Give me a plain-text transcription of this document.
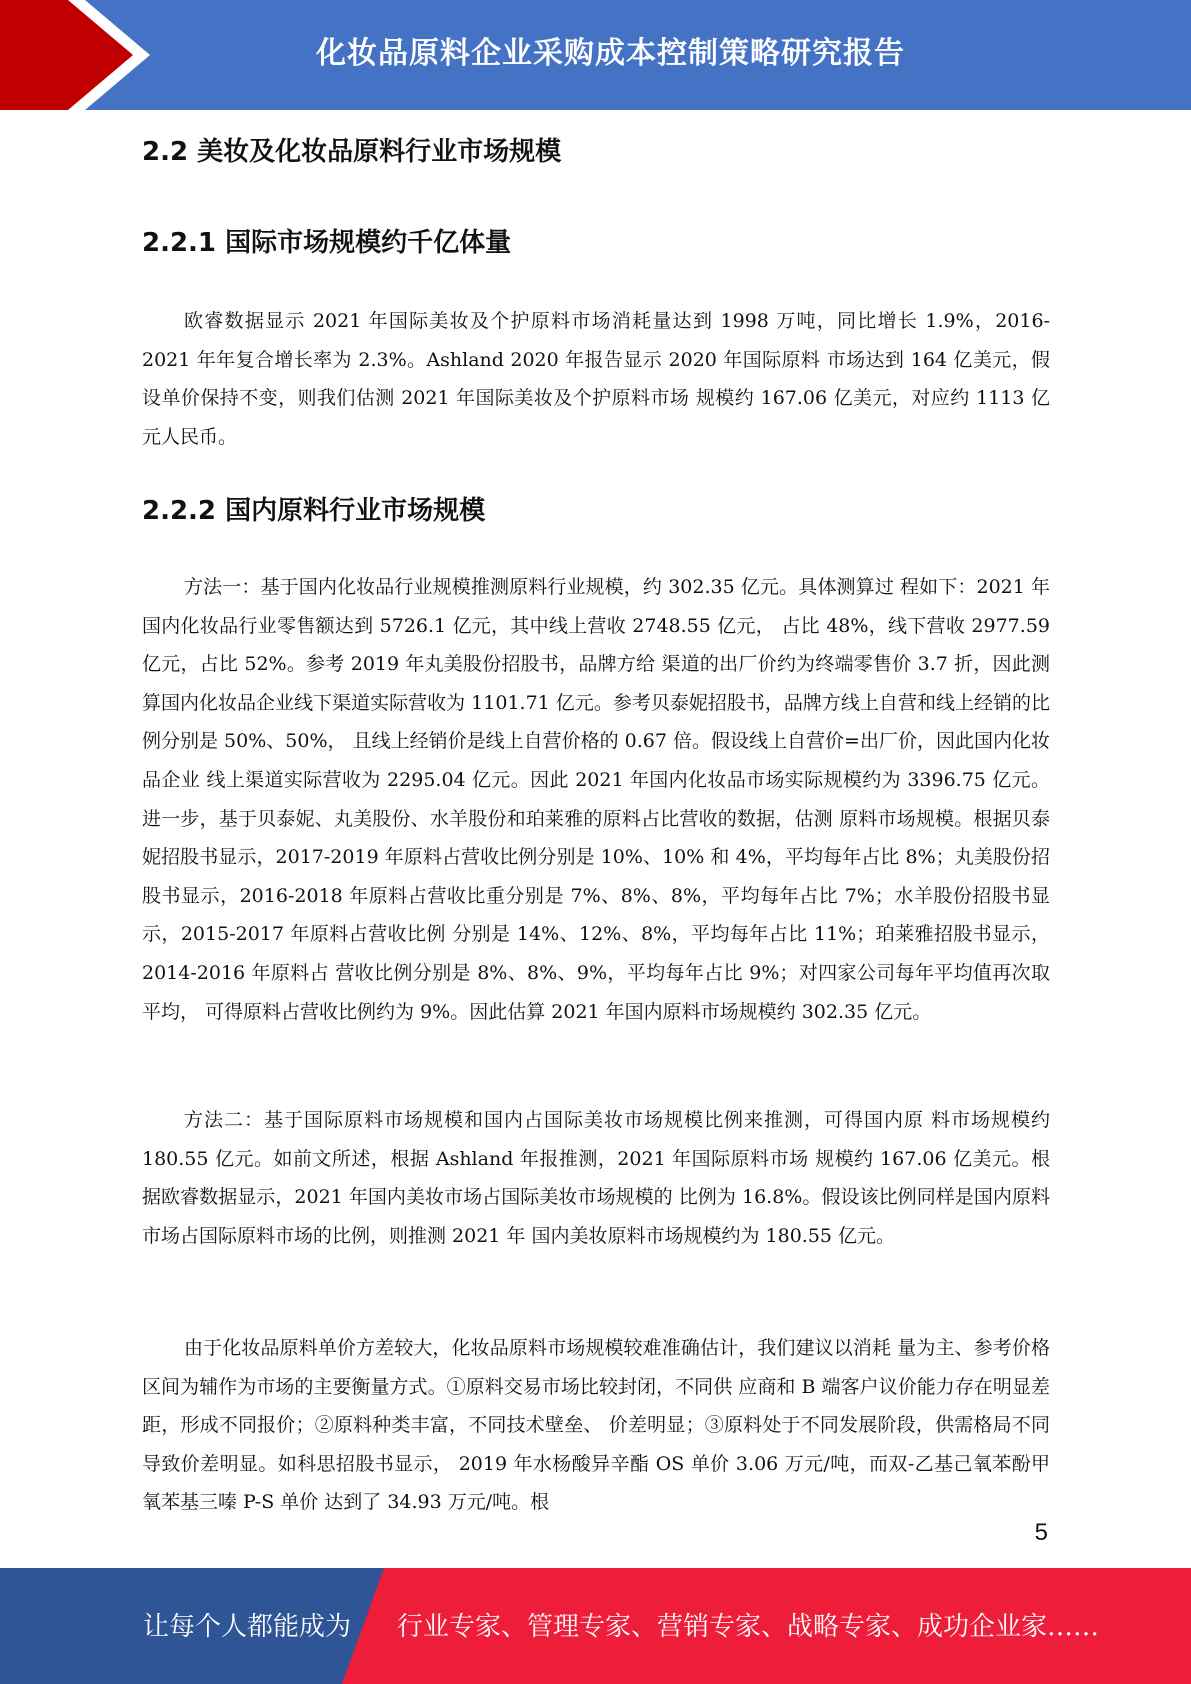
化妆品原料企业采购成本控制策略研究报告
2.2 美妆及化妆品原料行业市场规模
2.2.1 国际市场规模约千亿体量

欧睿数据显示 2021 年国际美妆及个护原料市场消耗量达到 1998 万吨，同比增长 1.9%，2016-2021 年年复合增长率为 2.3%。Ashland 2020 年报告显示 2020 年国际原料 市场达到 164 亿美元，假设单价保持不变，则我们估测 2021 年国际美妆及个护原料市场 规模约 167.06 亿美元，对应约 1113 亿元人民币。

2.2.2 国内原料行业市场规模

方法一：基于国内化妆品行业规模推测原料行业规模，约 302.35 亿元。具体测算过 程如下：2021 年国内化妆品行业零售额达到 5726.1 亿元，其中线上营收 2748.55 亿元， 占比 48%，线下营收 2977.59 亿元，占比 52%。参考 2019 年丸美股份招股书，品牌方给 渠道的出厂价约为终端零售价 3.7 折，因此测算国内化妆品企业线下渠道实际营收为 1101.71 亿元。参考贝泰妮招股书，品牌方线上自营和线上经销的比例分别是 50%、50%， 且线上经销价是线上自营价格的 0.67 倍。假设线上自营价=出厂价，因此国内化妆品企业 线上渠道实际营收为 2295.04 亿元。因此 2021 年国内化妆品市场实际规模约为 3396.75 亿元。进一步，基于贝泰妮、丸美股份、水羊股份和珀莱雅的原料占比营收的数据，估测 原料市场规模。根据贝泰妮招股书显示，2017-2019 年原料占营收比例分别是 10%、10% 和 4%，平均每年占比 8%；丸美股份招股书显示，2016-2018 年原料占营收比重分别是 7%、8%、8%，平均每年占比 7%；水羊股份招股书显示，2015-2017 年原料占营收比例 分别是 14%、12%、8%，平均每年占比 11%；珀莱雅招股书显示，2014-2016 年原料占 营收比例分别是 8%、8%、9%，平均每年占比 9%；对四家公司每年平均值再次取平均， 可得原料占营收比例约为 9%。因此估算 2021 年国内原料市场规模约 302.35 亿元。

方法二：基于国际原料市场规模和国内占国际美妆市场规模比例来推测，可得国内原 料市场规模约 180.55 亿元。如前文所述，根据 Ashland 年报推测，2021 年国际原料市场 规模约 167.06 亿美元。根据欧睿数据显示，2021 年国内美妆市场占国际美妆市场规模的 比例为 16.8%。假设该比例同样是国内原料市场占国际原料市场的比例，则推测 2021 年 国内美妆原料市场规模约为 180.55 亿元。

由于化妆品原料单价方差较大，化妆品原料市场规模较难准确估计，我们建议以消耗 量为主、参考价格区间为辅作为市场的主要衡量方式。①原料交易市场比较封闭，不同供 应商和 B 端客户议价能力存在明显差距，形成不同报价；②原料种类丰富，不同技术壁垒、 价差明显；③原料处于不同发展阶段，供需格局不同导致价差明显。如科思招股书显示， 2019 年水杨酸异辛酯 OS 单价 3.06 万元/吨，而双-乙基己氧苯酚甲氧苯基三嗪 P-S 单价 达到了 34.93 万元/吨。根

5
让每个人都能成为 行业专家、管理专家、营销专家、战略专家、成功企业家……
